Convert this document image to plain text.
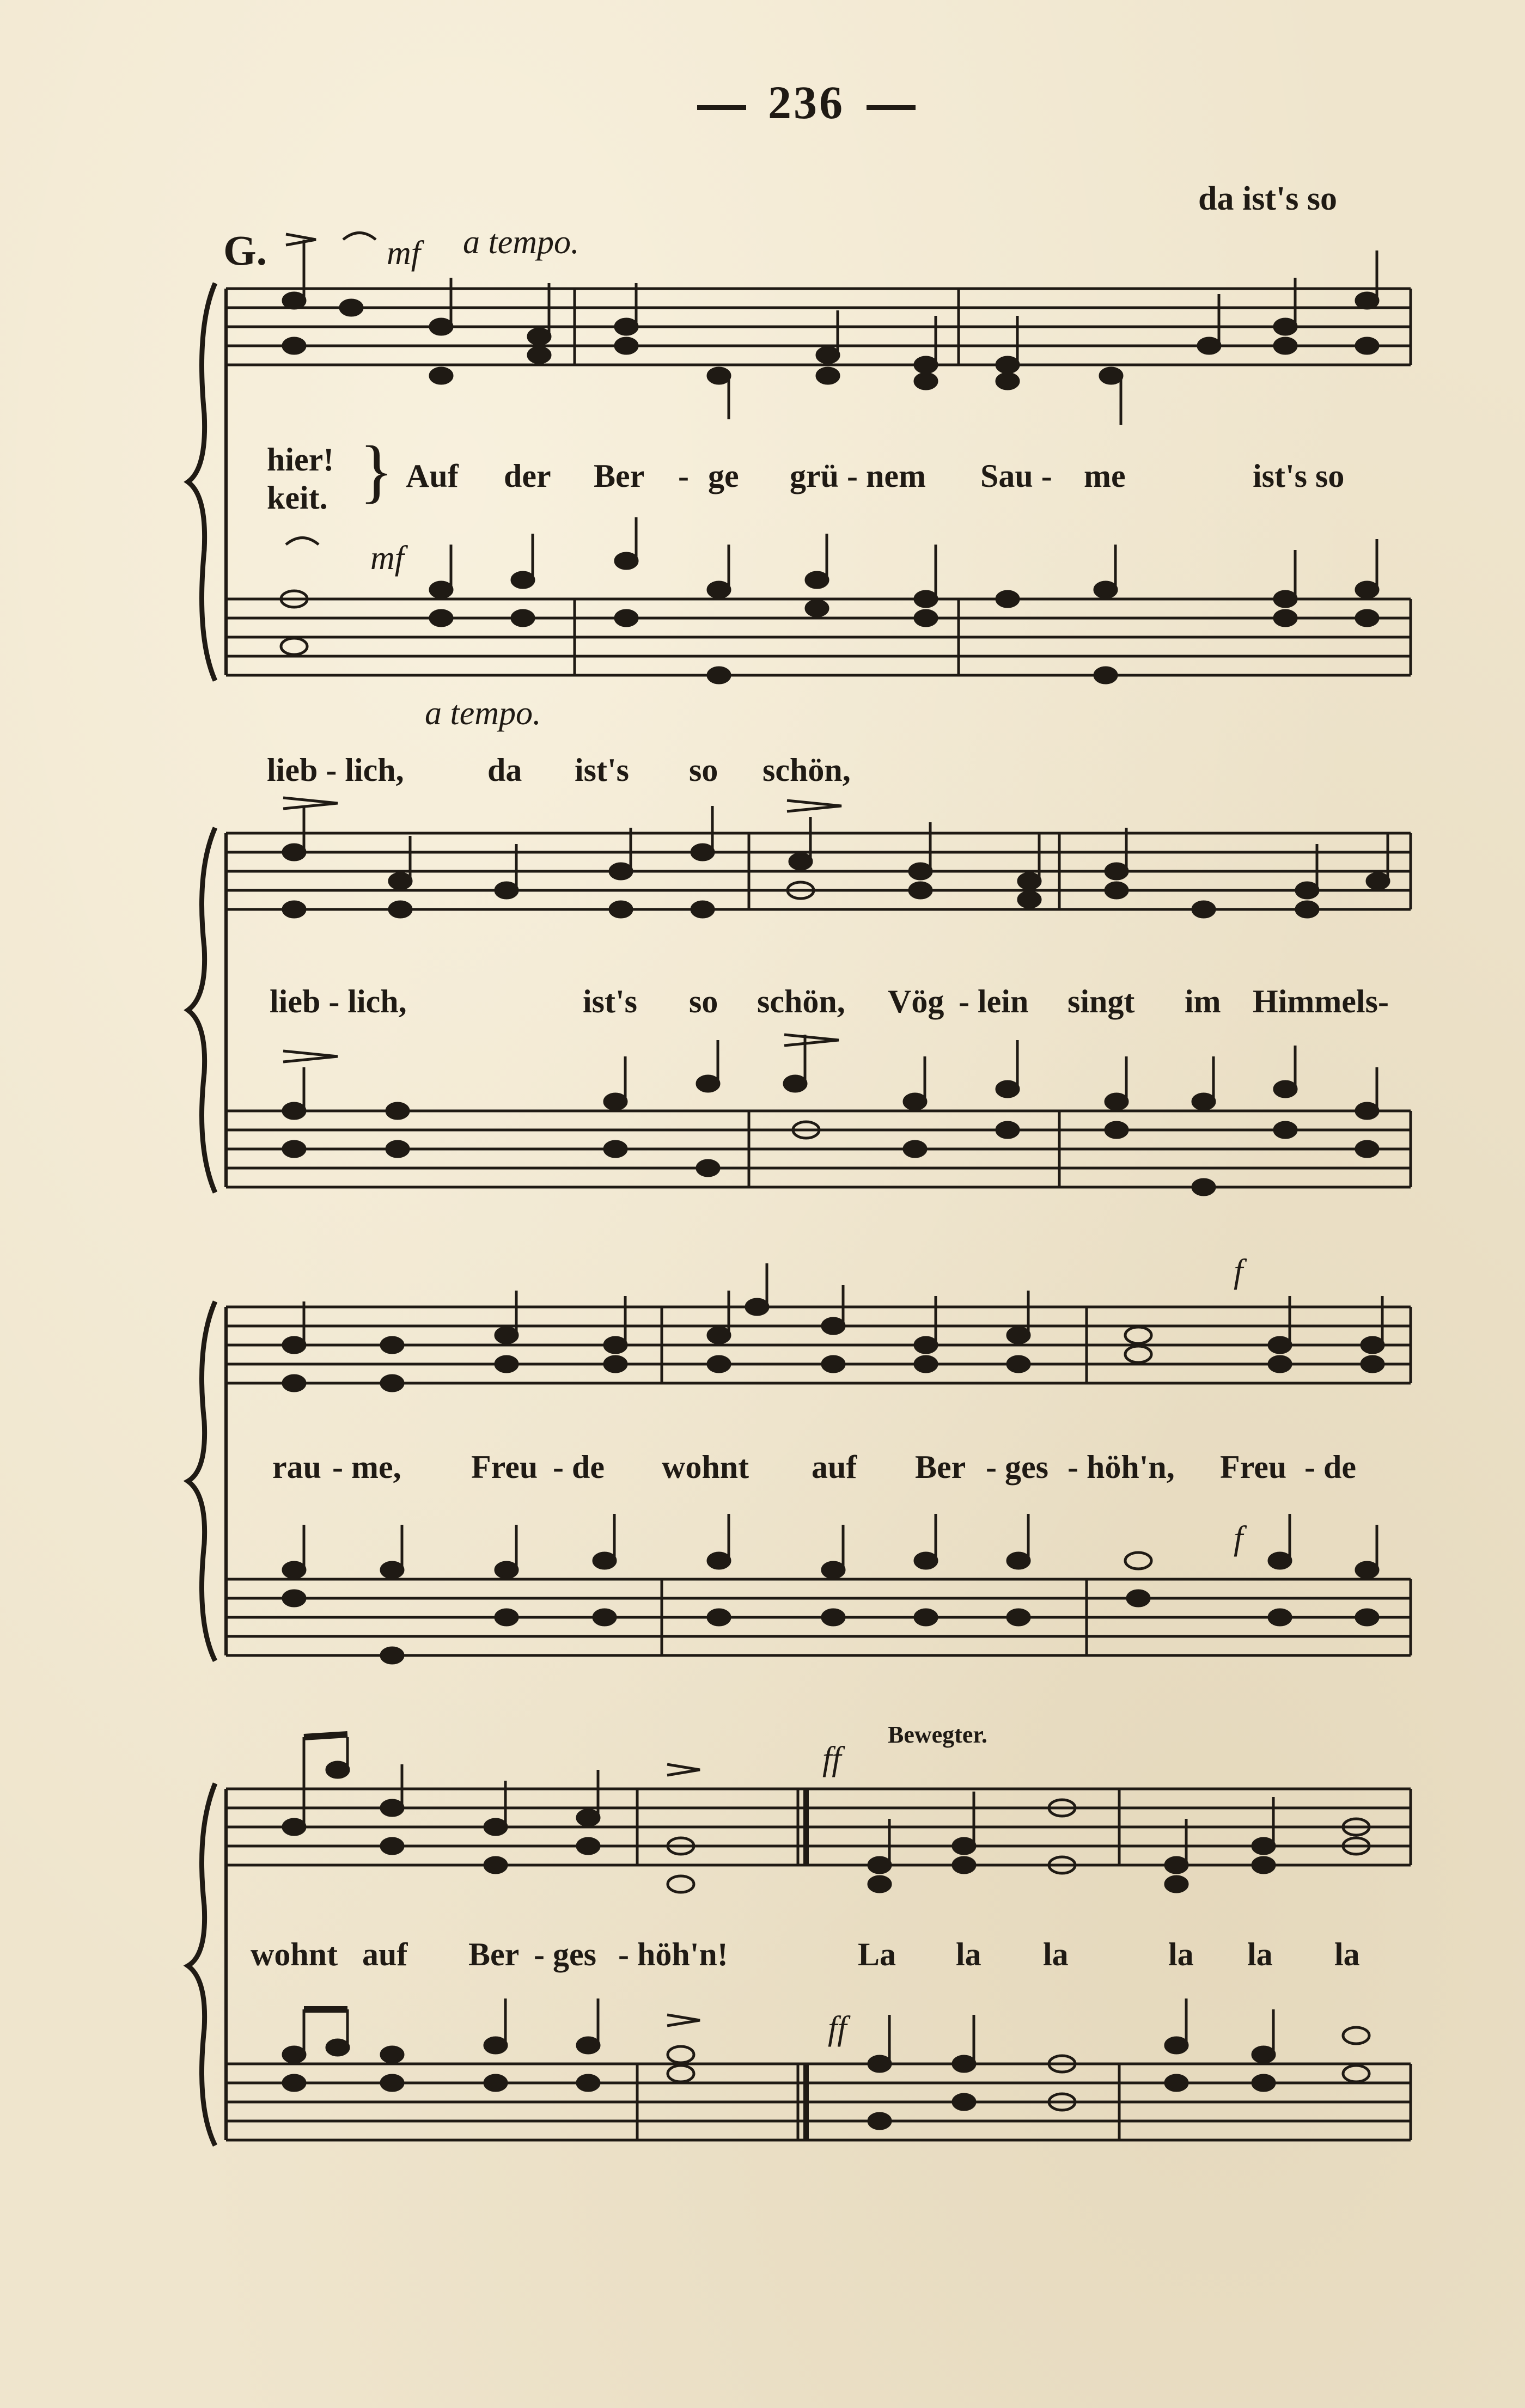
236
da ist's so
G.	mf a tempo.
mf
a tempo.
f
f
Bewegter.
ff
ff
hier!
keit. } Auf der Ber - ge grü - nem Sau - me	ist's so
lieb - lich,	da ist's so schön,
lieb - lich,	ist's so schön, Vög - lein singt im Himmels-
rau - me, Freu - de wohnt auf Ber - ges - höh'n, Freu - de
wohnt auf Ber - ges - höh'n!	La la la	la la la
